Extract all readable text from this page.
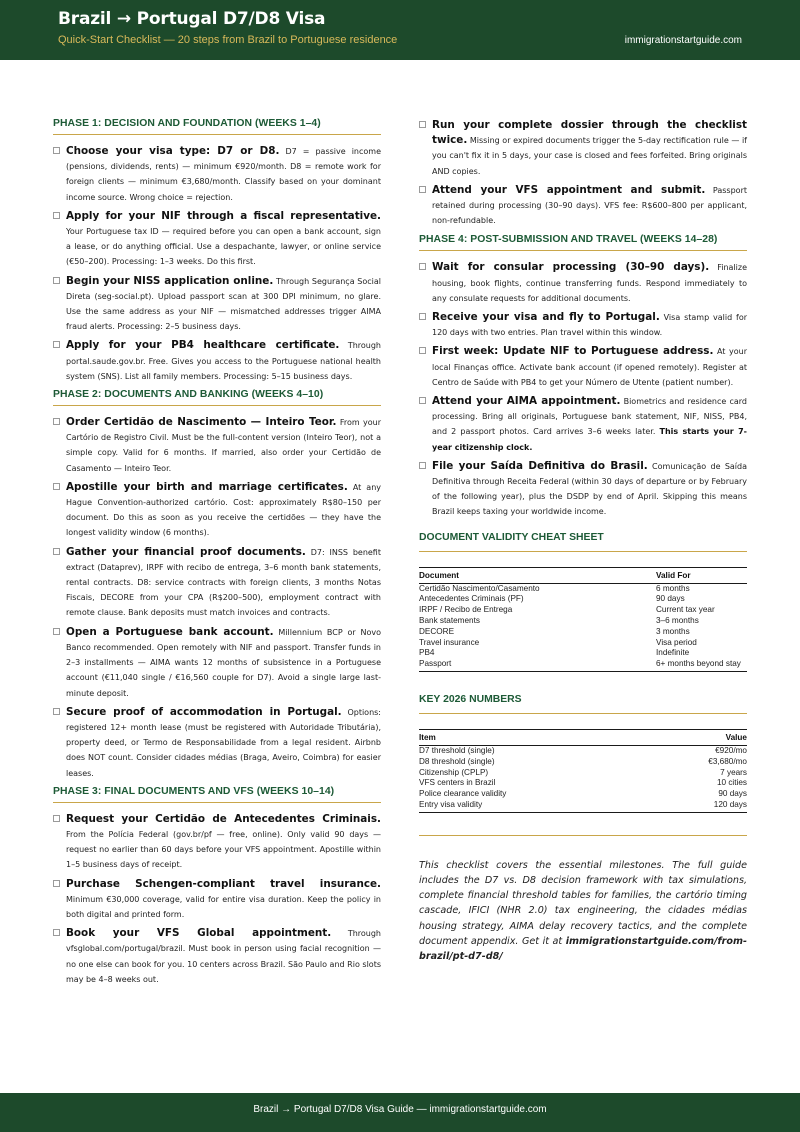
Brazil → Portugal D7/D8 Visa
Quick-Start Checklist — 20 steps from Brazil to Portuguese residence	immigrationstartguide.com
PHASE 1: DECISION AND FOUNDATION (WEEKS 1–4)
Choose your visa type: D7 or D8. D7 = passive income (pensions, dividends, rents) — minimum €920/month. D8 = remote work for foreign clients — minimum €3,680/month. Classify based on your dominant income source. Wrong choice = rejection.
Apply for your NIF through a fiscal representative. Your Portuguese tax ID — required before you can open a bank account, sign a lease, or do anything official. Use a despachante, lawyer, or online service (€50–200). Processing: 1–3 weeks. Do this first.
Begin your NISS application online. Through Segurança Social Direta (seg-social.pt). Upload passport scan at 300 DPI minimum, no glare. Use the same address as your NIF — mismatched addresses trigger AIMA fraud alerts. Processing: 2–5 business days.
Apply for your PB4 healthcare certificate. Through portal.saude.gov.br. Free. Gives you access to the Portuguese national health system (SNS). List all family members. Processing: 5–15 business days.
PHASE 2: DOCUMENTS AND BANKING (WEEKS 4–10)
Order Certidão de Nascimento — Inteiro Teor. From your Cartório de Registro Civil. Must be the full-content version (Inteiro Teor), not a simple copy. Valid for 6 months. If married, also order your Certidão de Casamento — Inteiro Teor.
Apostille your birth and marriage certificates. At any Hague Convention-authorized cartório. Cost: approximately R$80–150 per document. Do this as soon as you receive the certidões — they have the longest validity window (6 months).
Gather your financial proof documents. D7: INSS benefit extract (Dataprev), IRPF with recibo de entrega, 3–6 month bank statements, rental contracts. D8: service contracts with foreign clients, 3 months Notas Fiscais, DECORE from your CPA (R$200–500), employment contract with remote clause. Bank deposits must match invoices and contracts.
Open a Portuguese bank account. Millennium BCP or Novo Banco recommended. Open remotely with NIF and passport. Transfer funds in 2–3 installments — AIMA wants 12 months of subsistence in a Portuguese account (€11,040 single / €16,560 couple for D7). Avoid a single large last-minute deposit.
Secure proof of accommodation in Portugal. Options: registered 12+ month lease (must be registered with Autoridade Tributária), property deed, or Termo de Responsabilidade from a legal resident. Airbnb does NOT count. Consider cidades médias (Braga, Aveiro, Coimbra) for easier leases.
PHASE 3: FINAL DOCUMENTS AND VFS (WEEKS 10–14)
Request your Certidão de Antecedentes Criminais. From the Polícia Federal (gov.br/pf — free, online). Only valid 90 days — request no earlier than 60 days before your VFS appointment. Apostille within 1–5 business days of receipt.
Purchase Schengen-compliant travel insurance. Minimum €30,000 coverage, valid for entire visa duration. Keep the policy in both digital and printed form.
Book your VFS Global appointment. Through vfsglobal.com/portugal/brazil. Must book in person using facial recognition — no one else can book for you. 10 centers across Brazil. São Paulo and Rio slots may be 4–8 weeks out.
Run your complete dossier through the checklist twice. Missing or expired documents trigger the 5-day rectification rule — if you can't fix it in 5 days, your case is closed and fees forfeited. Bring originals AND copies.
Attend your VFS appointment and submit. Passport retained during processing (30–90 days). VFS fee: R$600–800 per applicant, non-refundable.
PHASE 4: POST-SUBMISSION AND TRAVEL (WEEKS 14–28)
Wait for consular processing (30–90 days). Finalize housing, book flights, continue transferring funds. Respond immediately to any consulate requests for additional documents.
Receive your visa and fly to Portugal. Visa stamp valid for 120 days with two entries. Plan travel within this window.
First week: Update NIF to Portuguese address. At your local Finanças office. Activate bank account (if opened remotely). Register at Centro de Saúde with PB4 to get your Número de Utente (patient number).
Attend your AIMA appointment. Biometrics and residence card processing. Bring all originals, Portuguese bank statement, NIF, NISS, PB4, and 2 passport photos. Card arrives 3–6 weeks later. This starts your 7-year citizenship clock.
File your Saída Definitiva do Brasil. Comunicação de Saída Definitiva through Receita Federal (within 30 days of departure or by February of the following year), plus the DSDP by end of April. Skipping this means Brazil keeps taxing your worldwide income.
DOCUMENT VALIDITY CHEAT SHEET
Document	Valid For
Certidão Nascimento/Casamento	6 months
Antecedentes Criminais (PF)	90 days
IRPF / Recibo de Entrega	Current tax year
Bank statements	3–6 months
DECORE	3 months
Travel insurance	Visa period
PB4	Indefinite
Passport	6+ months beyond stay
KEY 2026 NUMBERS
Item	Value
D7 threshold (single)	€920/mo
D8 threshold (single)	€3,680/mo
Citizenship (CPLP)	7 years
VFS centers in Brazil	10 cities
Police clearance validity	90 days
Entry visa validity	120 days
This checklist covers the essential milestones. The full guide includes the D7 vs. D8 decision framework with tax simulations, complete financial threshold tables for families, the cartório timing cascade, IFICI (NHR 2.0) tax engineering, the cidades médias housing strategy, AIMA delay recovery tactics, and the complete document appendix. Get it at immigrationstartguide.com/from-brazil/pt-d7-d8/
Brazil → Portugal D7/D8 Visa Guide — immigrationstartguide.com
